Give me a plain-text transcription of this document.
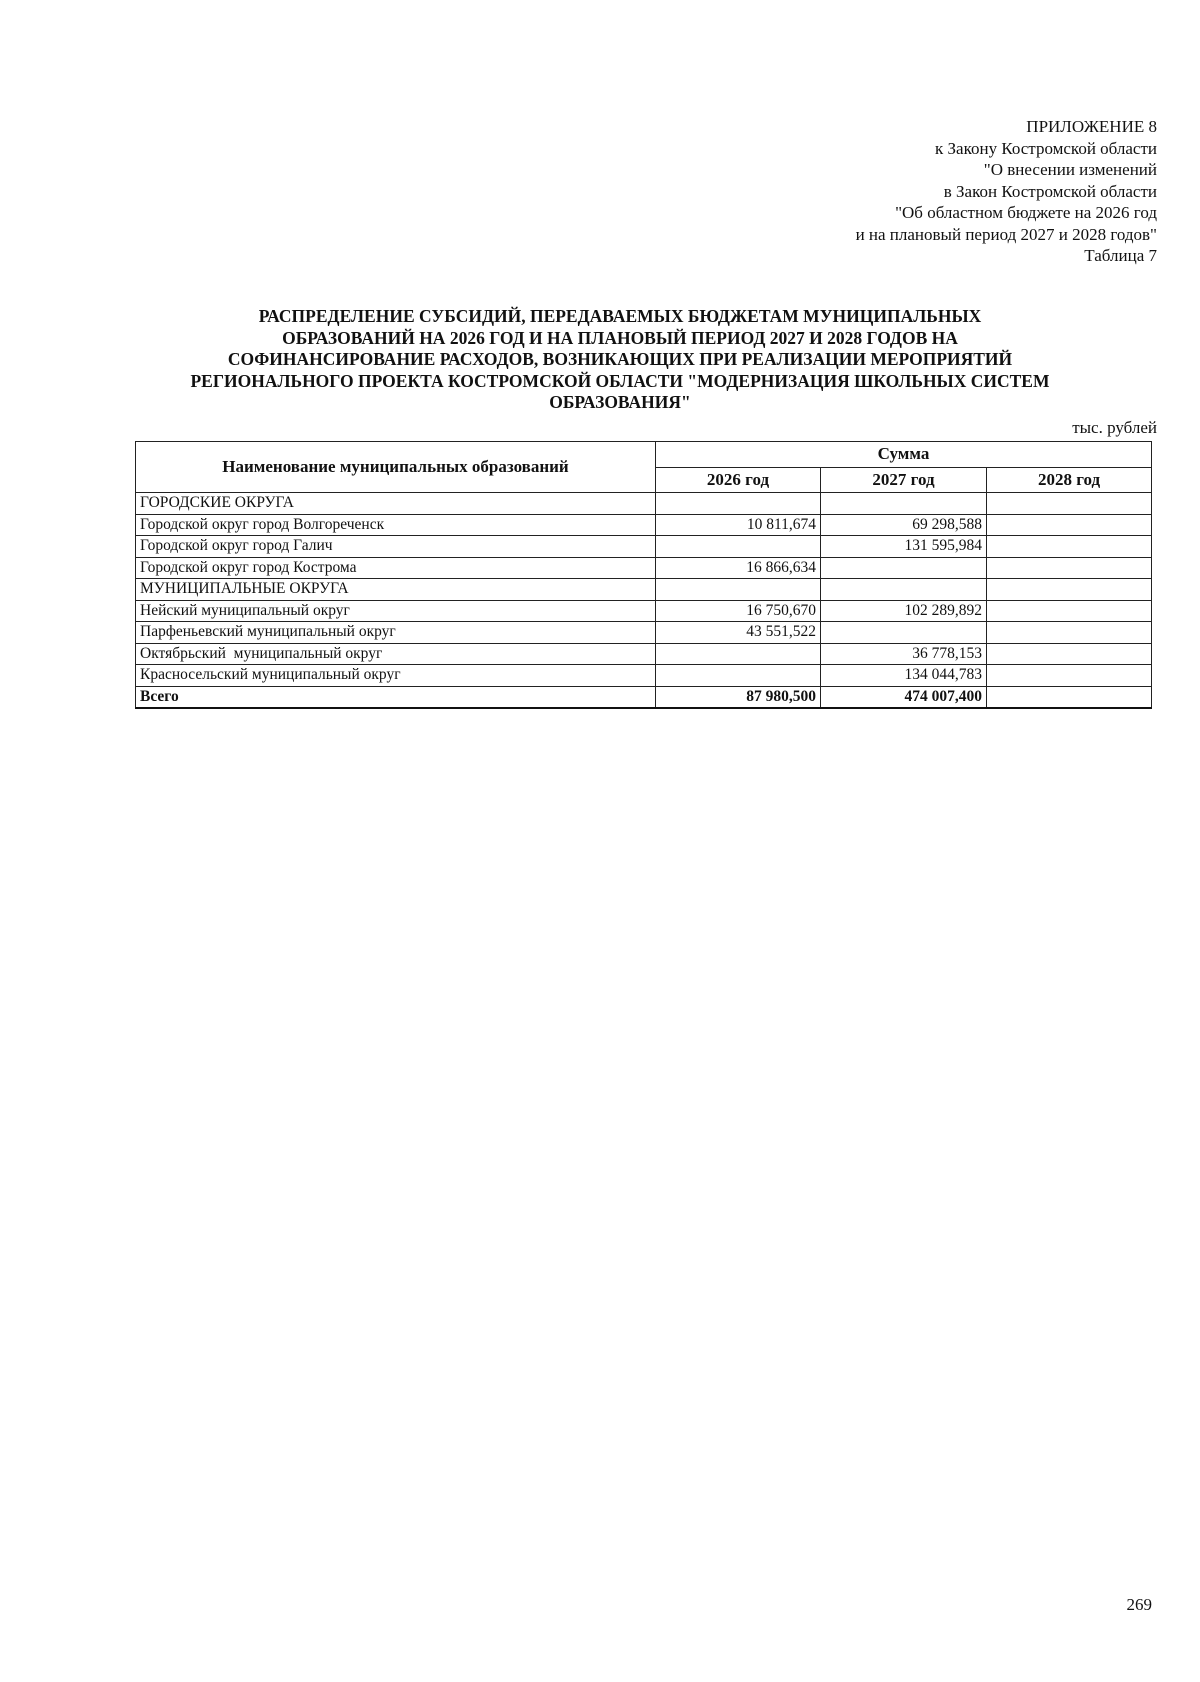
ПРИЛОЖЕНИЕ 8
к Закону Костромской области
"О внесении изменений
в Закон Костромской области
"Об областном бюджете на 2026 год
и на плановый период 2027 и 2028 годов"
Таблица 7
РАСПРЕДЕЛЕНИЕ СУБСИДИЙ, ПЕРЕДАВАЕМЫХ БЮДЖЕТАМ МУНИЦИПАЛЬНЫХ
ОБРАЗОВАНИЙ НА 2026 ГОД И НА ПЛАНОВЫЙ ПЕРИОД 2027 И 2028 ГОДОВ НА
СОФИНАНСИРОВАНИЕ РАСХОДОВ, ВОЗНИКАЮЩИХ ПРИ РЕАЛИЗАЦИИ МЕРОПРИЯТИЙ
РЕГИОНАЛЬНОГО ПРОЕКТА КОСТРОМСКОЙ ОБЛАСТИ "МОДЕРНИЗАЦИЯ ШКОЛЬНЫХ СИСТЕМ
ОБРАЗОВАНИЯ"
тыс. рублей
Наименование муниципальных образований	Сумма		
	2026 год	2027 год	2028 год
ГОРОДСКИЕ ОКРУГА			
Городской округ город Волгореченск	10 811,674	69 298,588	
Городской округ город Галич		131 595,984	
Городской округ город Кострома	16 866,634		
МУНИЦИПАЛЬНЫЕ ОКРУГА			
Нейский муниципальный округ	16 750,670	102 289,892	
Парфеньевский муниципальный округ	43 551,522		
Октябрьский  муниципальный округ		36 778,153	
Красносельский муниципальный округ		134 044,783	
Всего	87 980,500	474 007,400	
269
